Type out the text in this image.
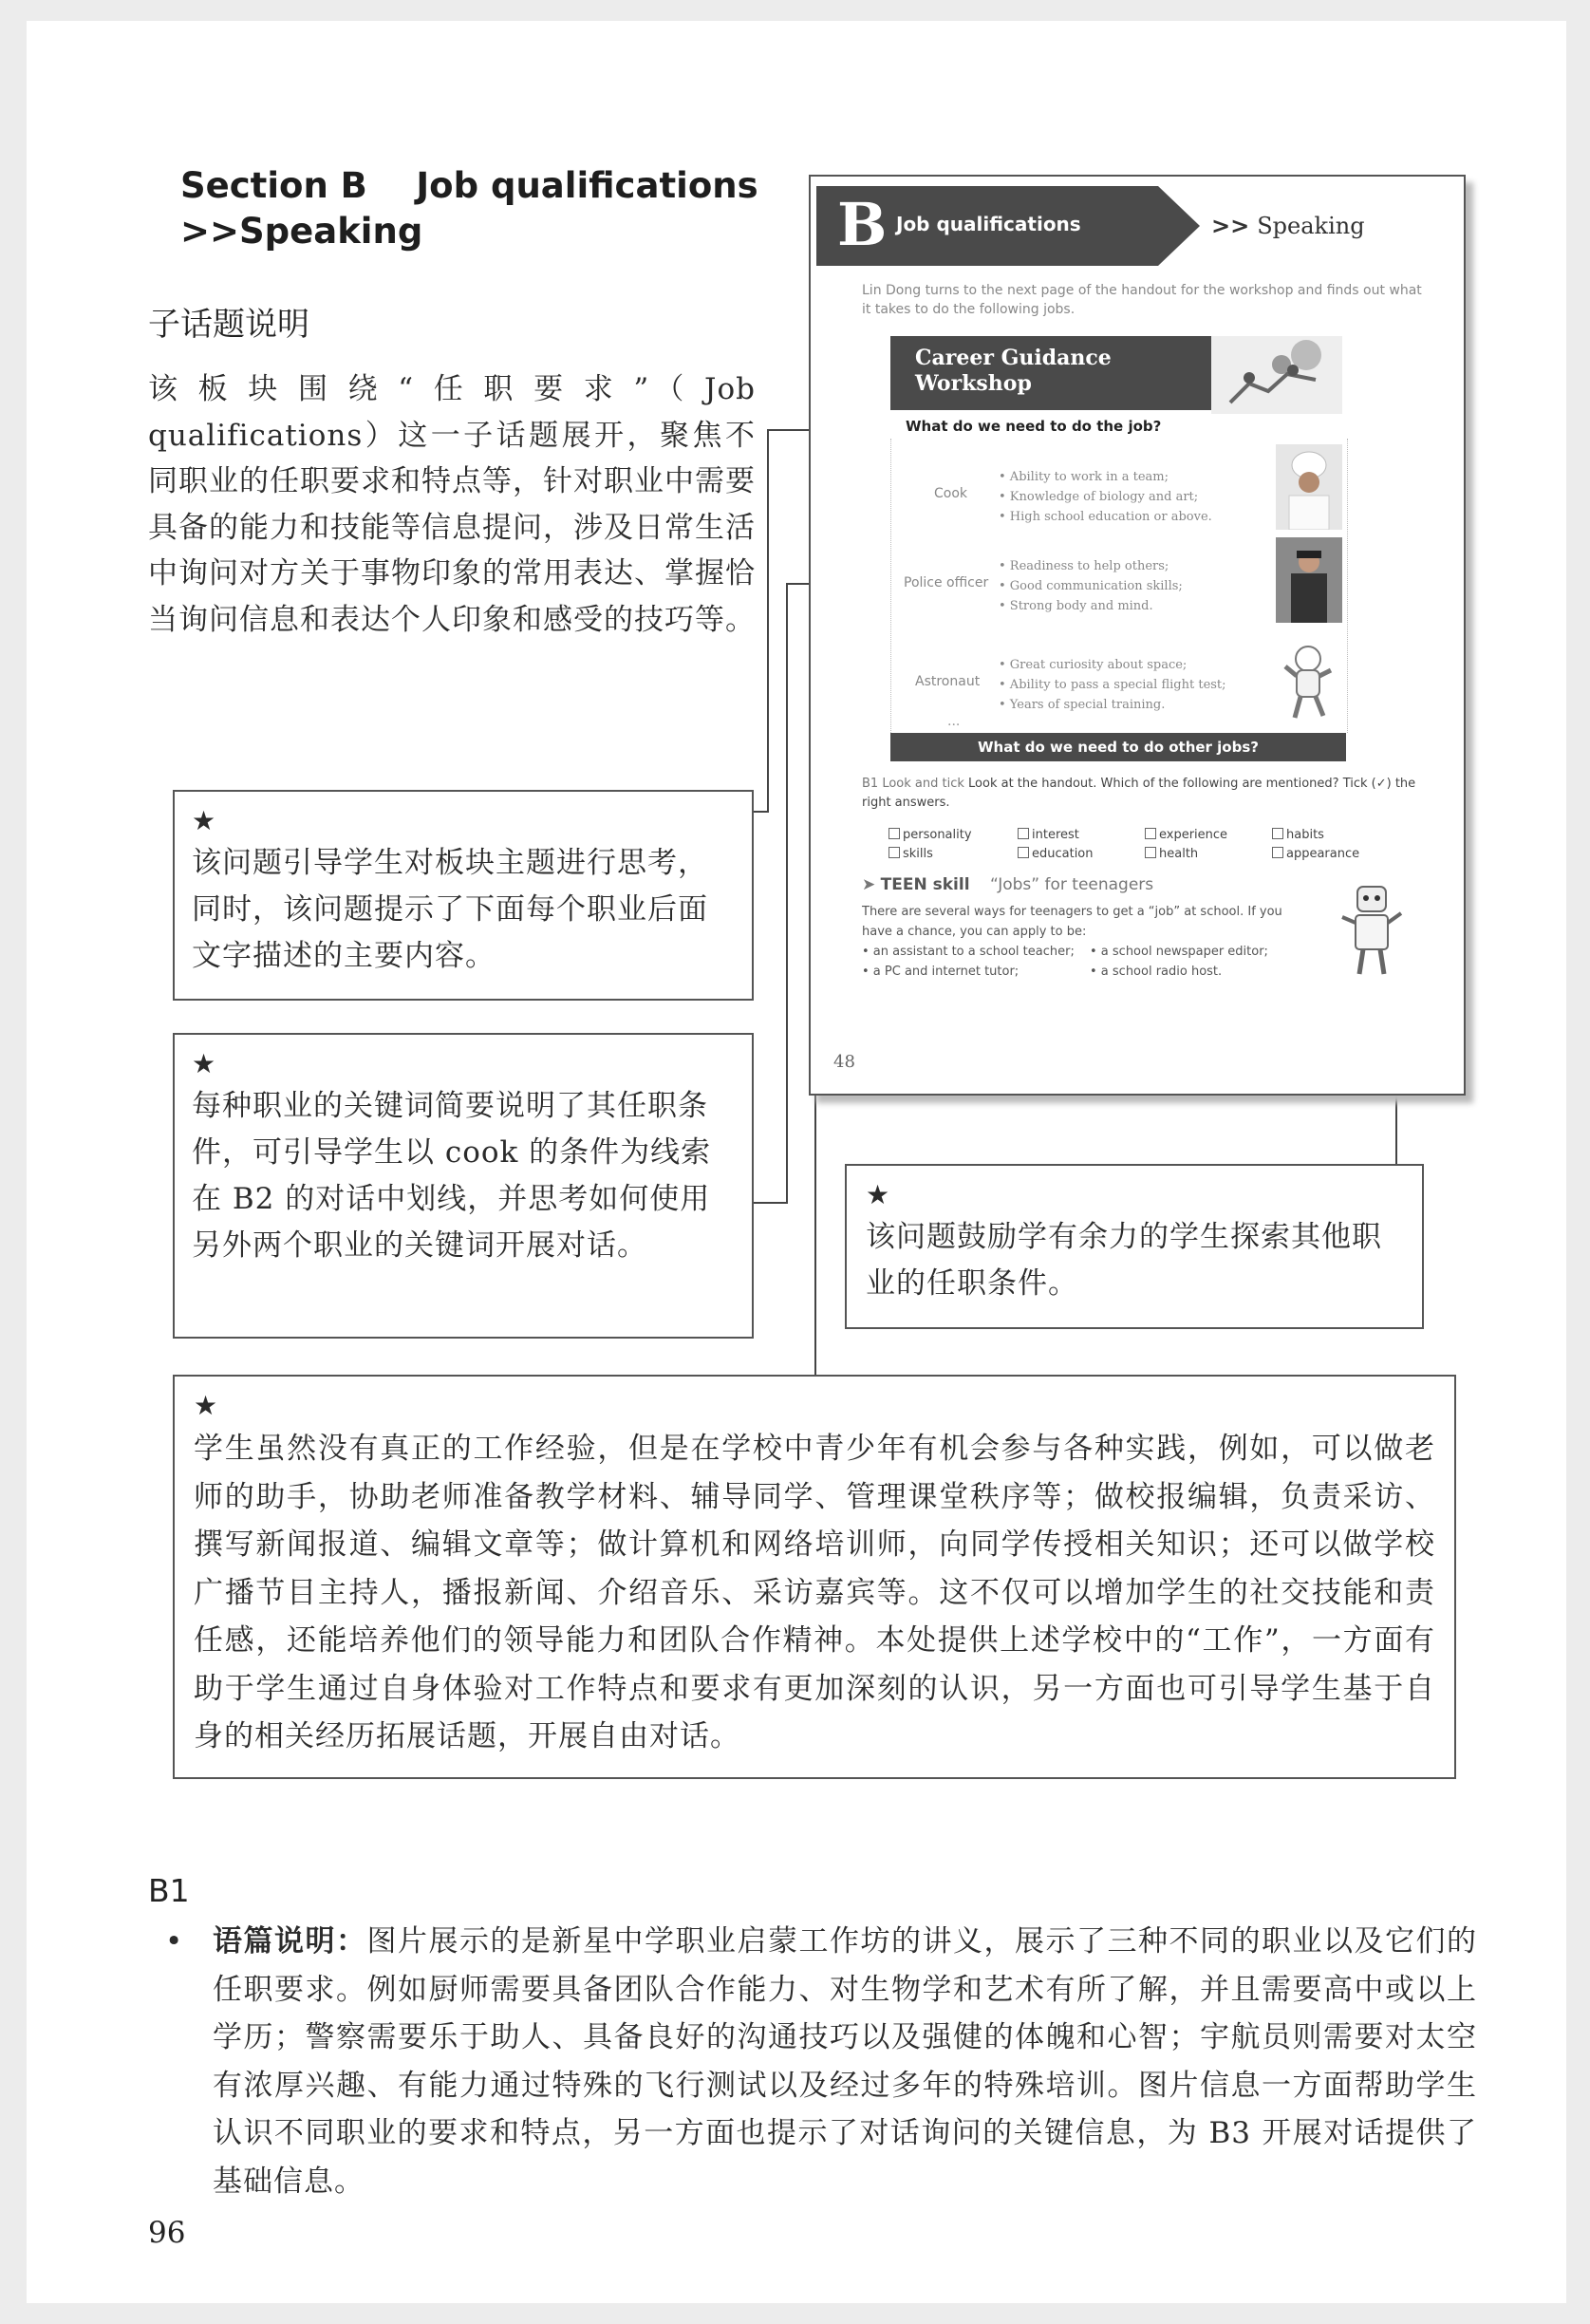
Section B    Job qualifications
>>Speaking
子话题说明
该板块围绕“任职要求”（Job qualifications）这一子话题展开，聚焦不同职业的任职要求和特点等，针对职业中需要具备的能力和技能等信息提问，涉及日常生活中询问对方关于事物印象的常用表达、掌握恰当询问信息和表达个人印象和感受的技巧等。
★
该问题引导学生对板块主题进行思考，同时，该问题提示了下面每个职业后面文字描述的主要内容。
★
每种职业的关键词简要说明了其任职条件，可引导学生以 cook 的条件为线索在 B2 的对话中划线，并思考如何使用另外两个职业的关键词开展对话。
★
该问题鼓励学有余力的学生探索其他职业的任职条件。
★
学生虽然没有真正的工作经验，但是在学校中青少年有机会参与各种实践，例如，可以做老师的助手，协助老师准备教学材料、辅导同学、管理课堂秩序等；做校报编辑，负责采访、撰写新闻报道、编辑文章等；做计算机和网络培训师，向同学传授相关知识；还可以做学校广播节目主持人，播报新闻、介绍音乐、采访嘉宾等。这不仅可以增加学生的社交技能和责任感，还能培养他们的领导能力和团队合作精神。本处提供上述学校中的“工作”，一方面有助于学生通过自身体验对工作特点和要求有更加深刻的认识，另一方面也可引导学生基于自身的相关经历拓展话题，开展自由对话。
B Job qualifications	>> Speaking
Lin Dong turns to the next page of the handout for the workshop and finds out what it takes to do the following jobs.
Career Guidance
Workshop
What do we need to do the job?
Cook
• Ability to work in a team;
• Knowledge of biology and art;
• High school education or above.
Police officer
• Readiness to help others;
• Good communication skills;
• Strong body and mind.
Astronaut
• Great curiosity about space;
• Ability to pass a special flight test;
• Years of special training.
...
What do we need to do other jobs?
B1 Look and tick Look at the handout. Which of the following are mentioned? Tick (✓) the right answers.
personality	interest	experience	habits
skills	education	health	appearance
➤ TEEN skill “Jobs” for teenagers
There are several ways for teenagers to get a “job” at school. If you have a chance, you can apply to be:
• an assistant to a school teacher;	• a school newspaper editor;
• a PC and internet tutor;	• a school radio host.
48
B1
• 语篇说明：图片展示的是新星中学职业启蒙工作坊的讲义，展示了三种不同的职业以及它们的任职要求。例如厨师需要具备团队合作能力、对生物学和艺术有所了解，并且需要高中或以上学历；警察需要乐于助人、具备良好的沟通技巧以及强健的体魄和心智；宇航员则需要对太空有浓厚兴趣、有能力通过特殊的飞行测试以及经过多年的特殊培训。图片信息一方面帮助学生认识不同职业的要求和特点，另一方面也提示了对话询问的关键信息，为 B3 开展对话提供了基础信息。
96
